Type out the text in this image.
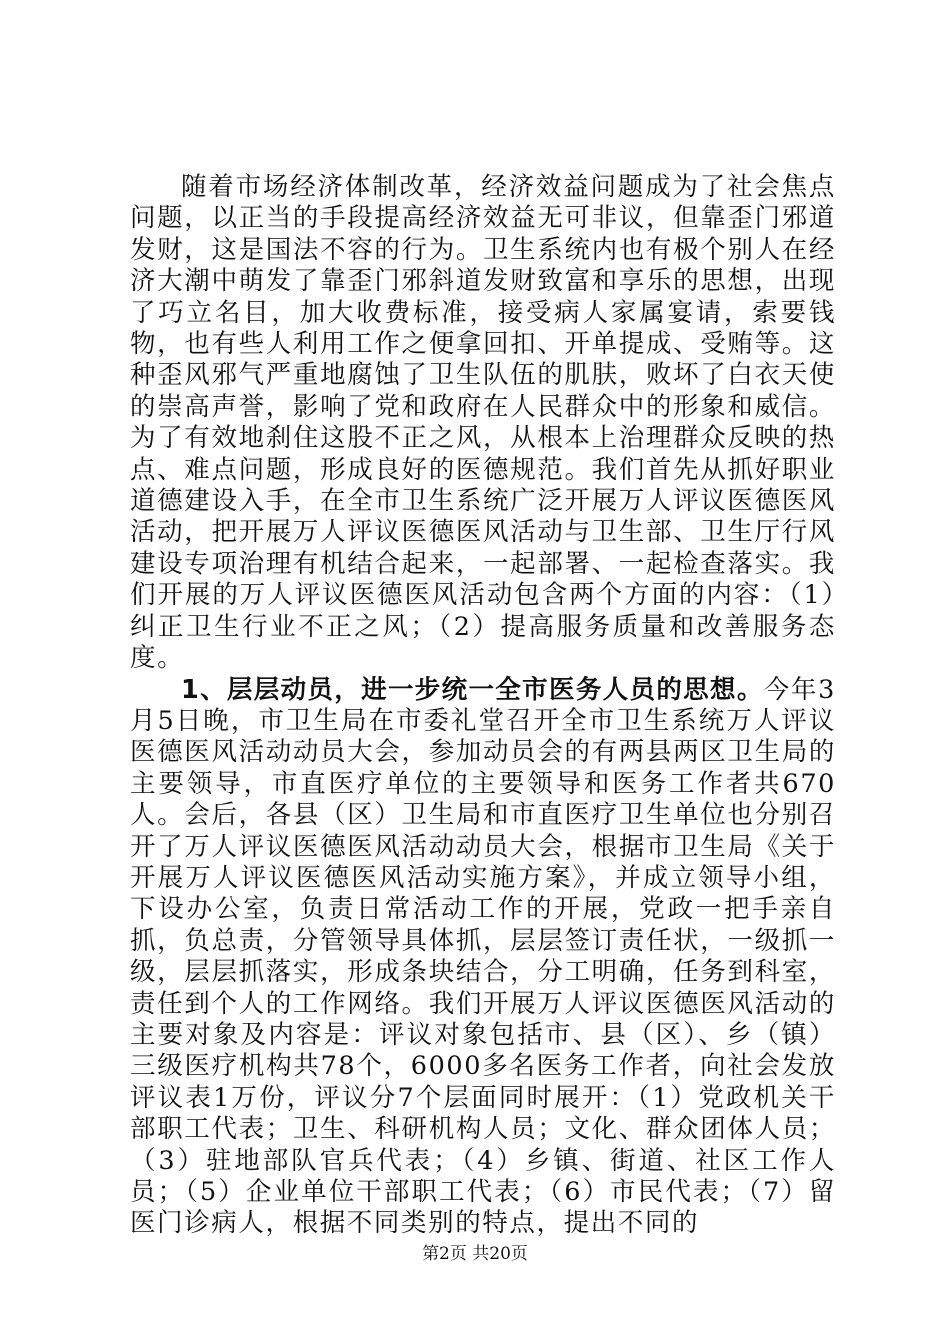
随着市场经济体制改革，经济效益问题成为了社会焦点问题，以正当的手段提高经济效益无可非议，但靠歪门邪道发财，这是国法不容的行为。卫生系统内也有极个别人在经济大潮中萌发了靠歪门邪斜道发财致富和享乐的思想，出现了巧立名目，加大收费标准，接受病人家属宴请，索要钱物，也有些人利用工作之便拿回扣、开单提成、受贿等。这种歪风邪气严重地腐蚀了卫生队伍的肌肤，败坏了白衣天使的崇高声誉，影响了党和政府在人民群众中的形象和威信。为了有效地刹住这股不正之风，从根本上治理群众反映的热点、难点问题，形成良好的医德规范。我们首先从抓好职业道德建设入手，在全市卫生系统广泛开展万人评议医德医风活动，把开展万人评议医德医风活动与卫生部、卫生厅行风建设专项治理有机结合起来，一起部署、一起检查落实。我们开展的万人评议医德医风活动包含两个方面的内容：（1）纠正卫生行业不正之风；（2）提高服务质量和改善服务态度。

1、层层动员，进一步统一全市医务人员的思想。今年3月5日晚，市卫生局在市委礼堂召开全市卫生系统万人评议医德医风活动动员大会，参加动员会的有两县两区卫生局的主要领导，市直医疗单位的主要领导和医务工作者共670人。会后，各县（区）卫生局和市直医疗卫生单位也分别召开了万人评议医德医风活动动员大会，根据市卫生局《关于开展万人评议医德医风活动实施方案》，并成立领导小组，下设办公室，负责日常活动工作的开展，党政一把手亲自抓，负总责，分管领导具体抓，层层签订责任状，一级抓一级，层层抓落实，形成条块结合，分工明确，任务到科室，责任到个人的工作网络。我们开展万人评议医德医风活动的主要对象及内容是：评议对象包括市、县（区）、乡（镇）三级医疗机构共78个，6000多名医务工作者，向社会发放评议表1万份，评议分7个层面同时展开：（1）党政机关干部职工代表；卫生、科研机构人员；文化、群众团体人员；（3）驻地部队官兵代表；（4）乡镇、街道、社区工作人员；（5）企业单位干部职工代表；（6）市民代表；（7）留医门诊病人，根据不同类别的特点，提出不同的

第2页 共20页
